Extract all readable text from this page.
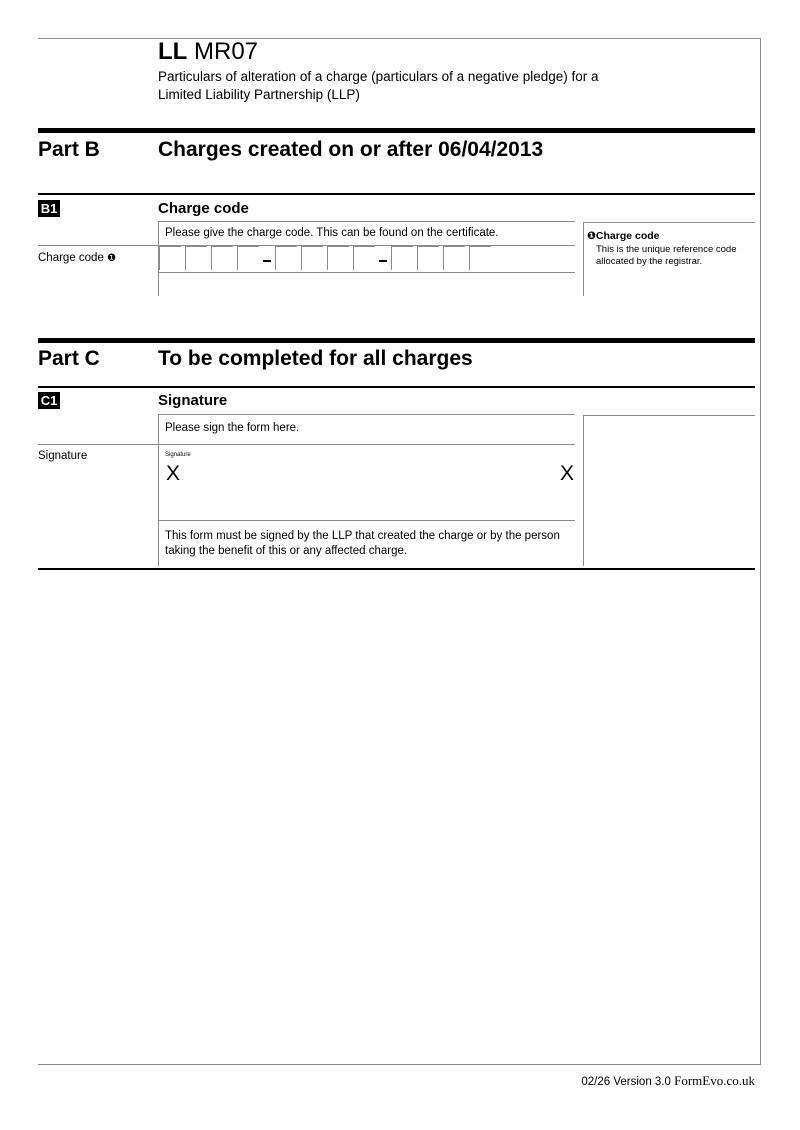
LL MR07
Particulars of alteration of a charge (particulars of a negative pledge) for a Limited Liability Partnership (LLP)
Part B	Charges created on or after 06/04/2013
B1	Charge code
Please give the charge code. This can be found on the certificate.
Charge code ❶
❶Charge code
This is the unique reference code allocated by the registrar.
Part C	To be completed for all charges
C1	Signature
Please sign the form here.
Signature	Signature
X	X
This form must be signed by the LLP that created the charge or by the person taking the benefit of this or any affected charge.
02/26 Version 3.0 FormEvo.co.uk
